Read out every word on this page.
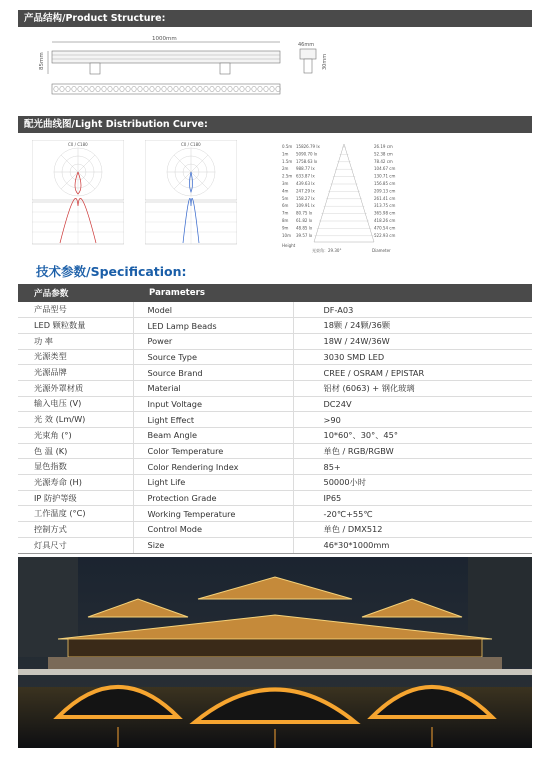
产品结构/Product Structure:
1000mm
85mm
46mm
30mm
配光曲线图/Light Distribution Curve:
C0 / C180	C0 / C180	0.5m 15826.79 lx	26.19 cm
1m 5090.70 lx	52.38 cm
1.5m 1758.63 lx	78.42 cm
2m 988.77 lx	104.67 cm
2.5m 633.87 lx	130.71 cm
3m 439.63 lx	156.85 cm
4m 247.29 lx	209.13 cm
5m 158.27 lx	261.41 cm
6m 109.91 lx	313.75 cm
7m 80.75 lx	365.98 cm
8m 61.82 lx	418.26 cm
9m 48.85 lx	470.54 cm
10m 39.57 lx	522.93 cm
Height
光束角：29.30°	Diameter
技术参数/Specification:
产品参数	Parameters	
产品型号	Model	DF-A03
LED 颗粒数量	LED Lamp Beads	18颗 / 24颗/36颗
功 率	Power	18W / 24W/36W
光源类型	Source Type	3030 SMD LED
光源品牌	Source Brand	CREE / OSRAM / EPISTAR
光源外罩材质	Material	铝材 (6063) + 钢化玻璃
输入电压 (V)	Input Voltage	DC24V
光 效 (Lm/W)	Light Effect	>90
光束角 (°)	Beam Angle	10*60°、30°、45°
色 温 (K)	Color Temperature	单色 / RGB/RGBW
显色指数	Color Rendering Index	85+
光源寿命 (H)	Light Life	50000小时
IP 防护等级	Protection Grade	IP65
工作温度 (°C)	Working Temperature	-20℃+55℃
控制方式	Control Mode	单色 / DMX512
灯具尺寸	Size	46*30*1000mm
